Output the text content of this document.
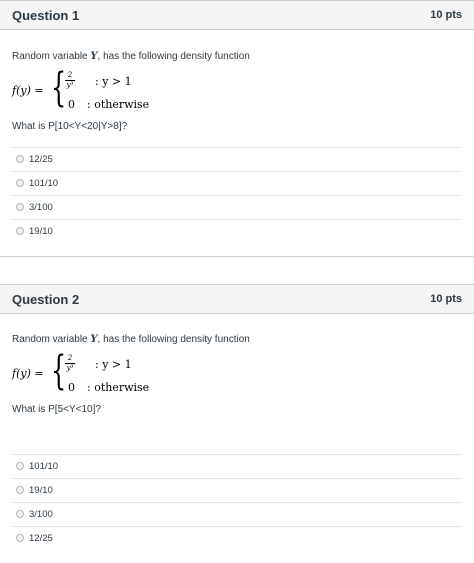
Question 1	10 pts
Random variable Y, has the following density function
f(y) = {
$\frac{2}{\text{y³}}$ : y > 1
0 : otherwise
What is P[10<Y<20|Y>8]?
12/25
101/10
3/100
19/10
Question 2	10 pts
Random variable Y, has the following density function
f(y) = {
$\frac{2}{\text{y³}}$ : y > 1
0 : otherwise
What is P[5<Y<10]?
101/10
19/10
3/100
12/25
